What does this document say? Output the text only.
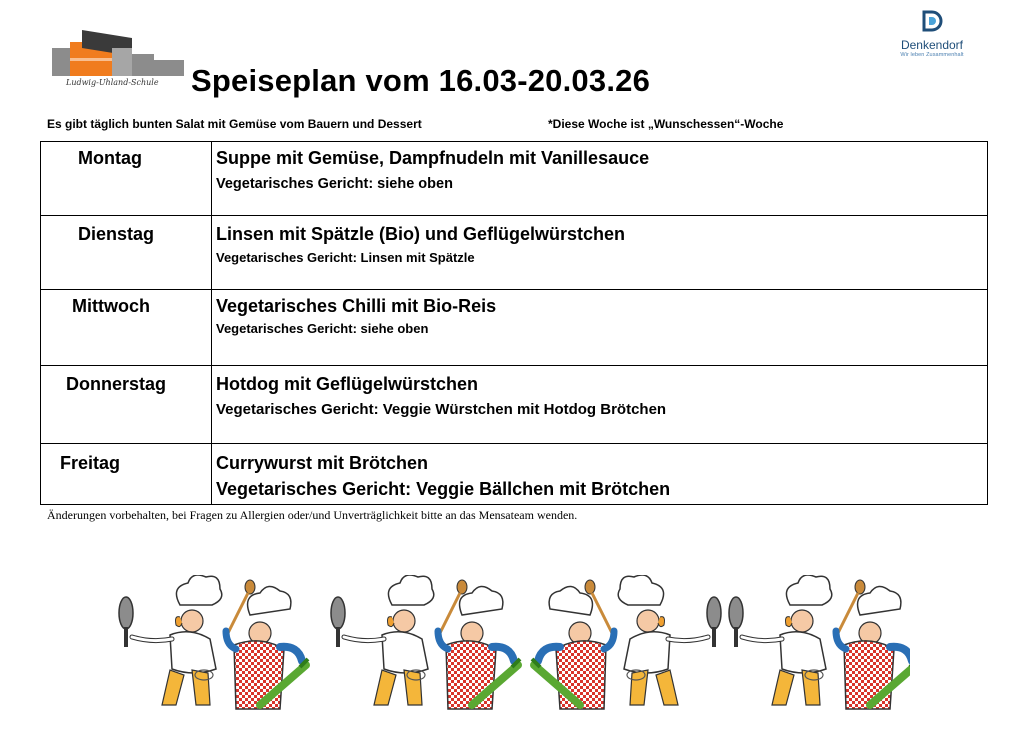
Ludwig-Uhland-Schule
Denkendorf
Wir leben Zusammenhalt
Speiseplan vom 16.03-20.03.26
Es gibt täglich bunten Salat mit Gemüse vom Bauern und Dessert	*Diese Woche ist „Wunschessen“-Woche
Montag	Suppe mit Gemüse, Dampfnudeln mit Vanillesauce
Vegetarisches Gericht: siehe oben
Dienstag	Linsen mit Spätzle (Bio) und Geflügelwürstchen
Vegetarisches Gericht: Linsen mit Spätzle
Mittwoch	Vegetarisches Chilli mit Bio-Reis
Vegetarisches Gericht: siehe oben
Donnerstag	Hotdog mit Geflügelwürstchen
Vegetarisches Gericht: Veggie Würstchen mit Hotdog Brötchen
Freitag	Currywurst mit Brötchen
Vegetarisches Gericht: Veggie Bällchen mit Brötchen
Änderungen vorbehalten, bei Fragen zu Allergien oder/und Unverträglichkeit bitte an das Mensateam wenden.
